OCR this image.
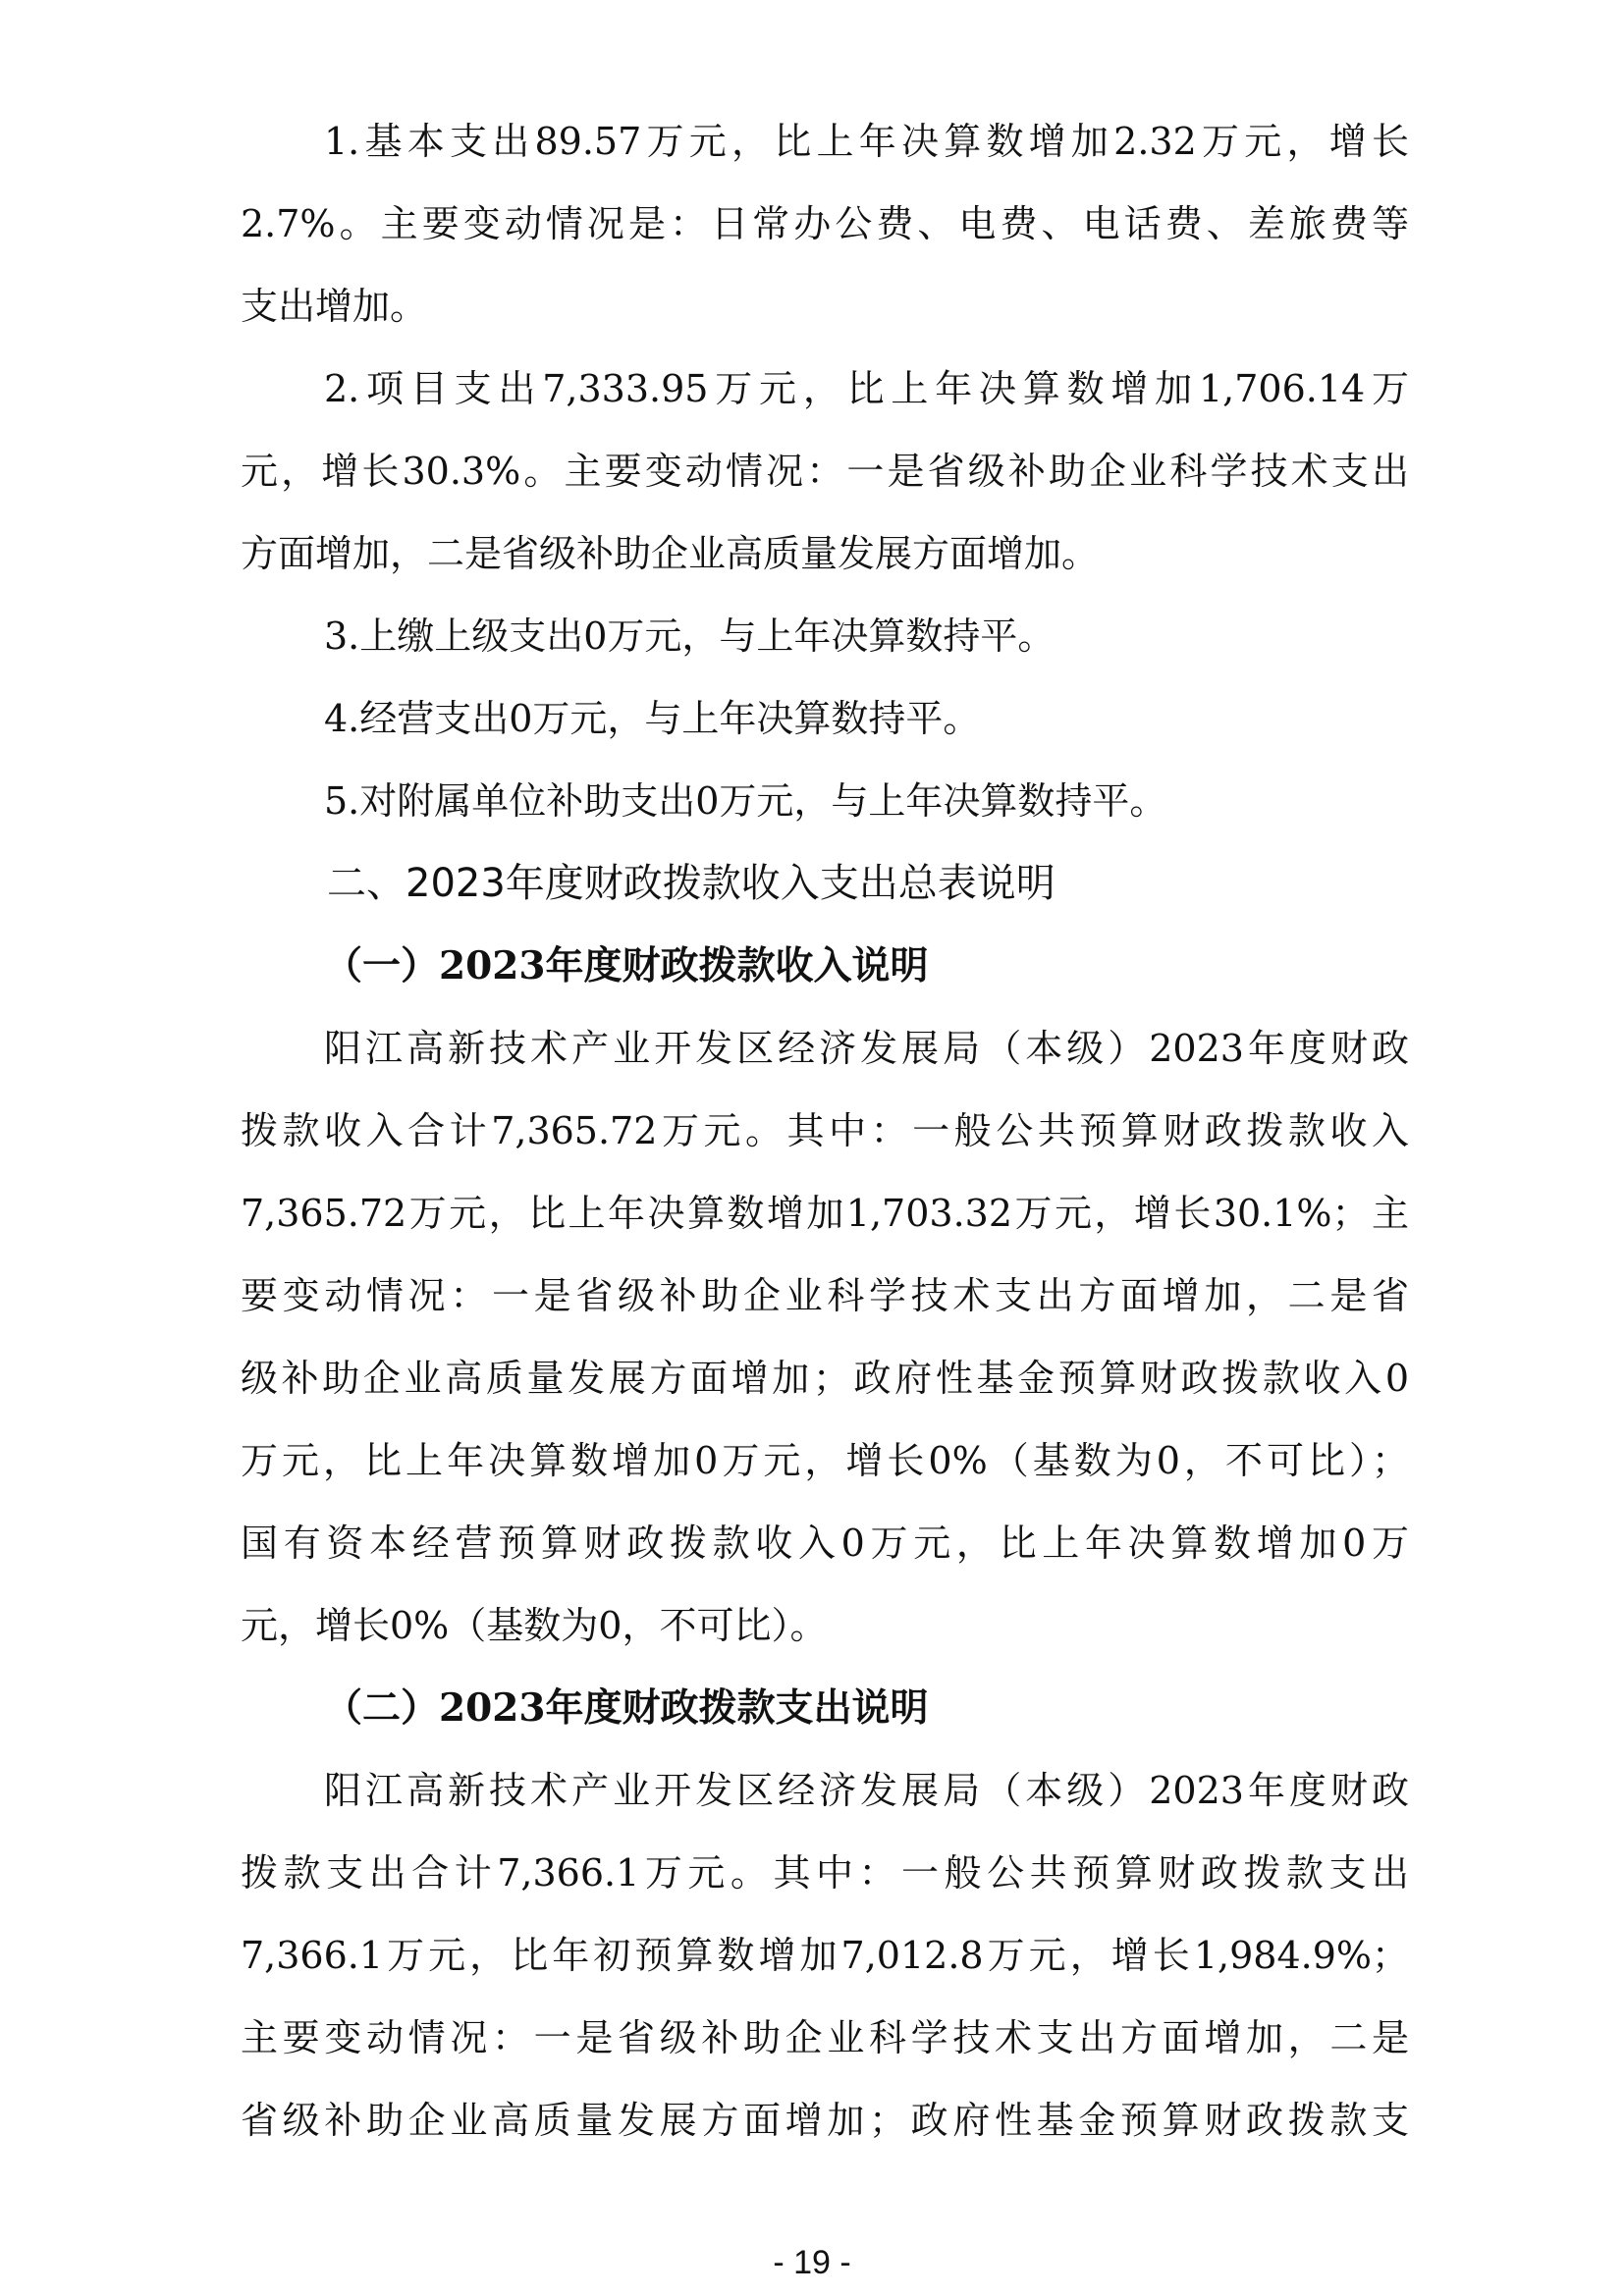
1.基本支出89.57万元，比上年决算数增加2.32万元，增长
2.7%。主要变动情况是：日常办公费、电费、电话费、差旅费等
支出增加。
2.项目支出7,333.95万元，比上年决算数增加1,706.14万
元，增长30.3%。主要变动情况：一是省级补助企业科学技术支出
方面增加，二是省级补助企业高质量发展方面增加。
3.上缴上级支出0万元，与上年决算数持平。
4.经营支出0万元，与上年决算数持平。
5.对附属单位补助支出0万元，与上年决算数持平。
二、2023年度财政拨款收入支出总表说明
（一）2023年度财政拨款收入说明
阳江高新技术产业开发区经济发展局（本级）2023年度财政
拨款收入合计7,365.72万元。其中：一般公共预算财政拨款收入
7,365.72万元，比上年决算数增加1,703.32万元，增长30.1%；主
要变动情况：一是省级补助企业科学技术支出方面增加，二是省
级补助企业高质量发展方面增加；政府性基金预算财政拨款收入0
万元，比上年决算数增加0万元，增长0%（基数为0，不可比）；
国有资本经营预算财政拨款收入0万元，比上年决算数增加0万
元，增长0%（基数为0，不可比）。
（二）2023年度财政拨款支出说明
阳江高新技术产业开发区经济发展局（本级）2023年度财政
拨款支出合计7,366.1万元。其中：一般公共预算财政拨款支出
7,366.1万元，比年初预算数增加7,012.8万元，增长1,984.9%；
主要变动情况：一是省级补助企业科学技术支出方面增加，二是
省级补助企业高质量发展方面增加；政府性基金预算财政拨款支
- 19 -
